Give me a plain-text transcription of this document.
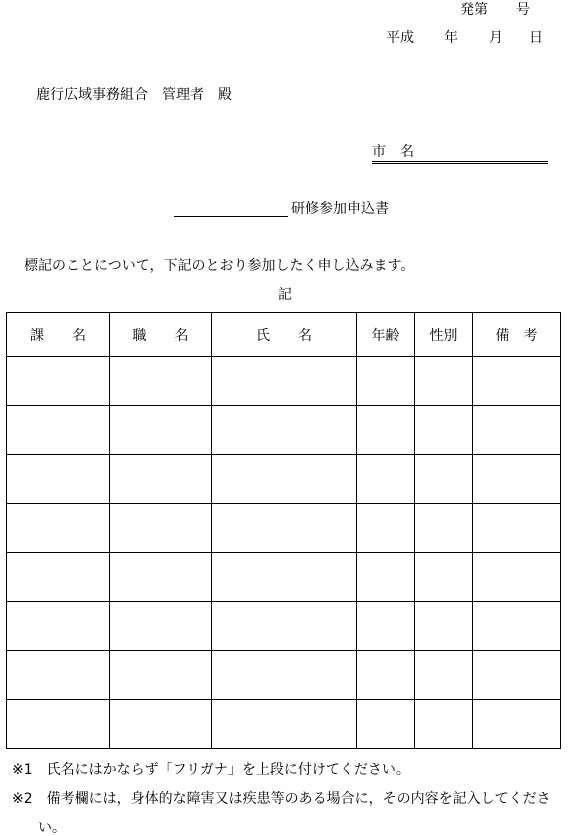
発第 号
平成 年 月 日
鹿行広域事務組合　管理者　殿
市　名
研修参加申込書
標記のことについて，下記のとおり参加したく申し込みます。
記
課　　名	職　　名	氏　　名	年齢	性別	備　考

※1　氏名にはかならず「フリガナ」を上段に付けてください。
※2　備考欄には，身体的な障害又は疾患等のある場合に，その内容を記入してくださ
い。
